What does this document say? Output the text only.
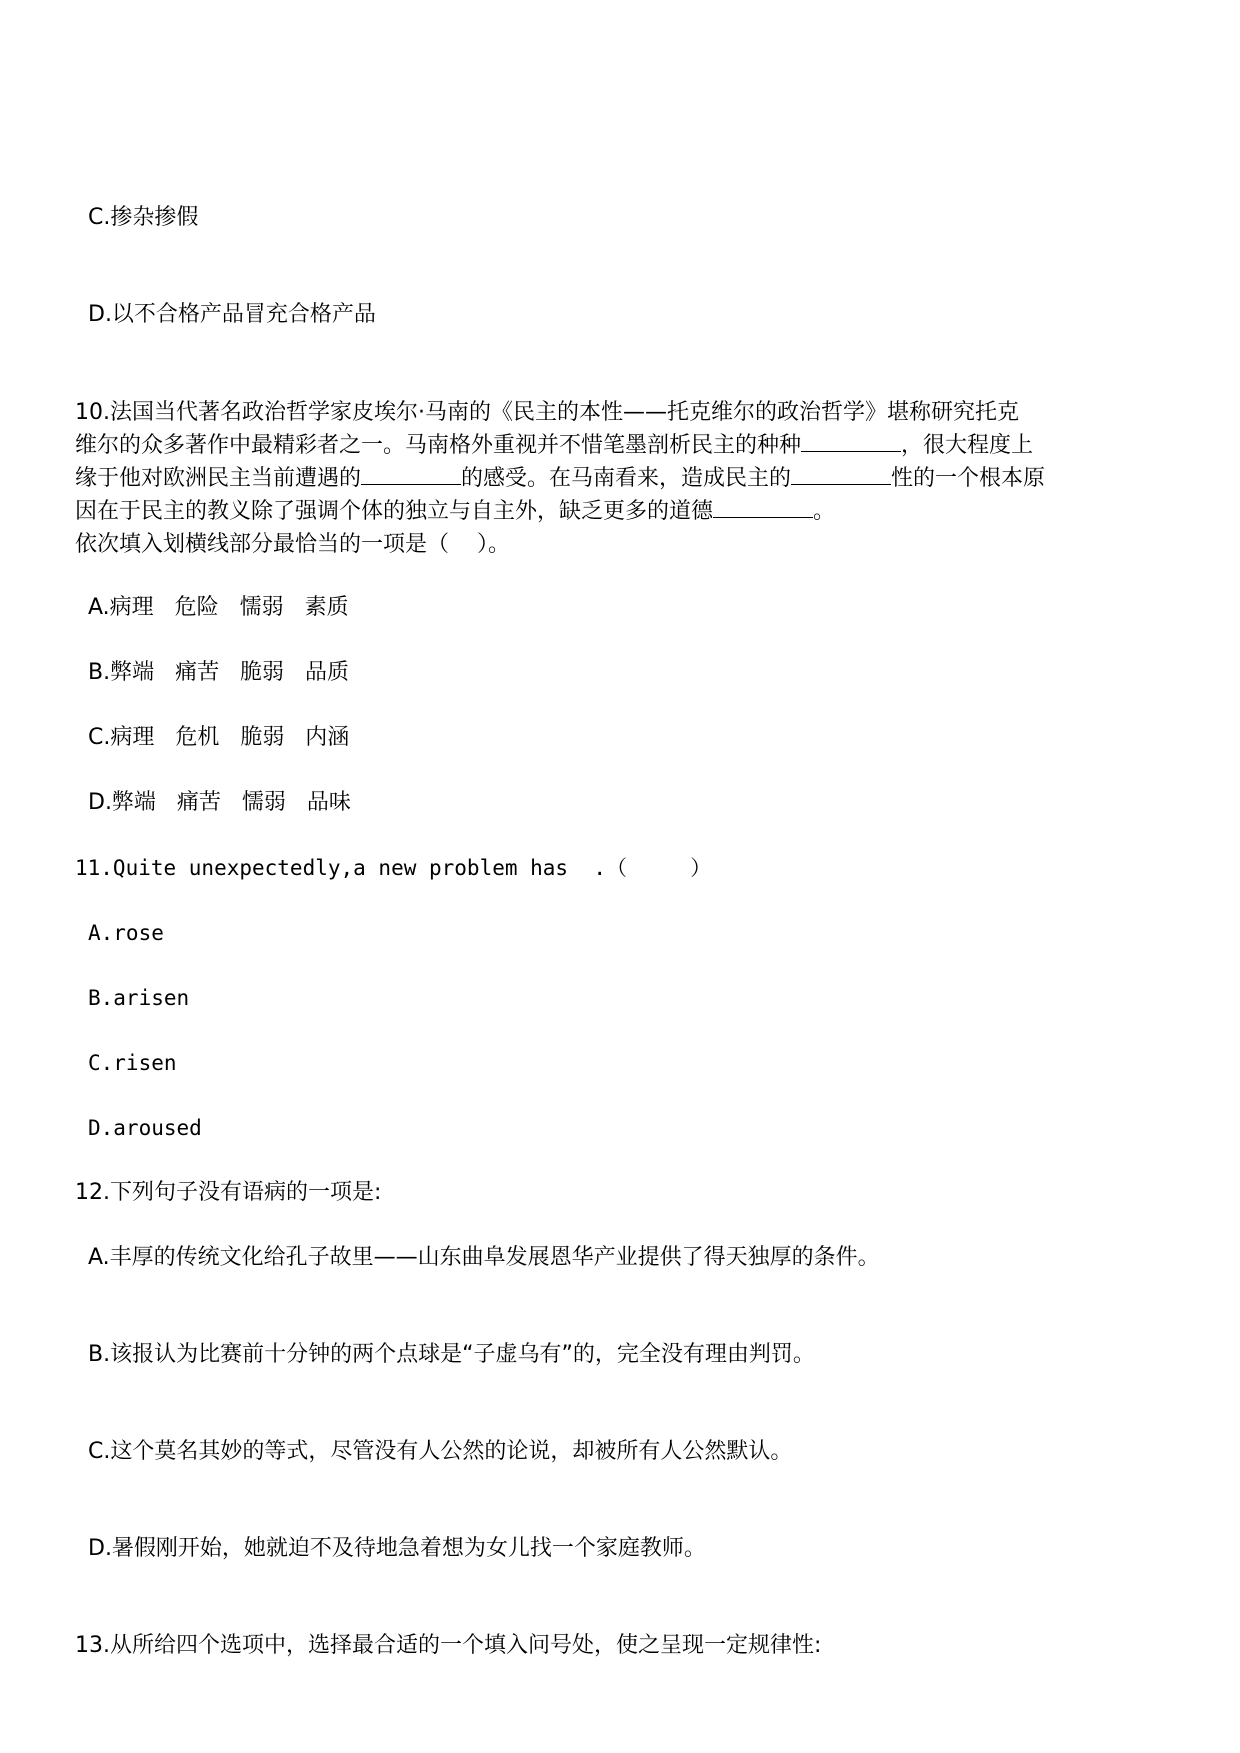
C.掺杂掺假
D.以不合格产品冒充合格产品
10.法国当代著名政治哲学家皮埃尔·马南的《民主的本性——托克维尔的政治哲学》堪称研究托克
维尔的众多著作中最精彩者之一。马南格外重视并不惜笔墨剖析民主的种种	，很大程度上
缘于他对欧洲民主当前遭遇的	的感受。在马南看来，造成民主的	性的一个根本原
因在于民主的教义除了强调个体的独立与自主外，缺乏更多的道德	。
依次填入划横线部分最恰当的一项是（    ）。
A.病理   危险   懦弱   素质
B.弊端   痛苦   脆弱   品质
C.病理   危机   脆弱   内涵
D.弊端   痛苦   懦弱   品味
11.Quite unexpectedly,a new problem has  .（     ）
A.rose
B.arisen
C.risen
D.aroused
12.下列句子没有语病的一项是:
A.丰厚的传统文化给孔子故里——山东曲阜发展恩华产业提供了得天独厚的条件。
B.该报认为比赛前十分钟的两个点球是“子虚乌有”的，完全没有理由判罚。
C.这个莫名其妙的等式，尽管没有人公然的论说，却被所有人公然默认。
D.暑假刚开始，她就迫不及待地急着想为女儿找一个家庭教师。
13.从所给四个选项中，选择最合适的一个填入问号处，使之呈现一定规律性:
